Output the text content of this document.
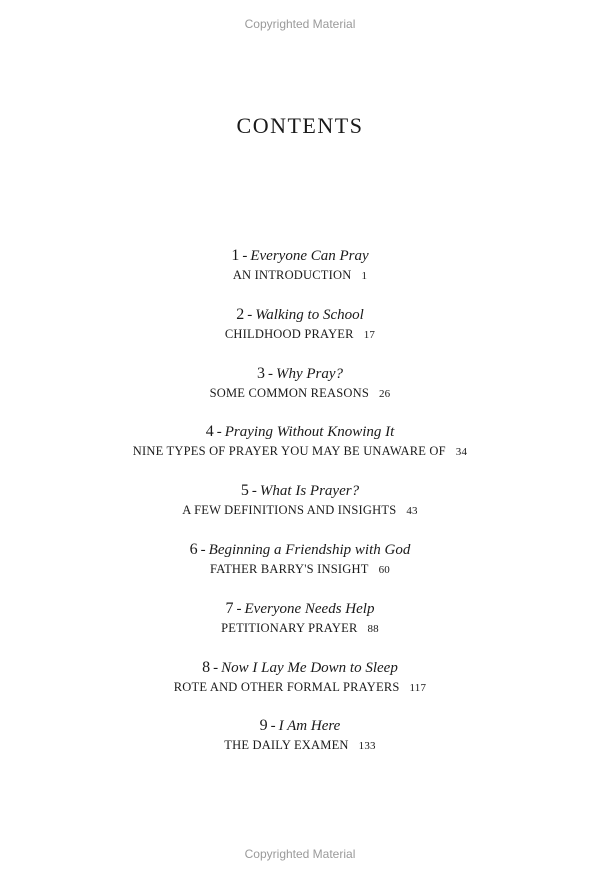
Copyrighted Material
CONTENTS
1 - Everyone Can Pray
AN INTRODUCTION 1
2 - Walking to School
CHILDHOOD PRAYER 17
3 - Why Pray?
SOME COMMON REASONS 26
4 - Praying Without Knowing It
NINE TYPES OF PRAYER YOU MAY BE UNAWARE OF 34
5 - What Is Prayer?
A FEW DEFINITIONS AND INSIGHTS 43
6 - Beginning a Friendship with God
FATHER BARRY'S INSIGHT 60
7 - Everyone Needs Help
PETITIONARY PRAYER 88
8 - Now I Lay Me Down to Sleep
ROTE AND OTHER FORMAL PRAYERS 117
9 - I Am Here
THE DAILY EXAMEN 133
Copyrighted Material
